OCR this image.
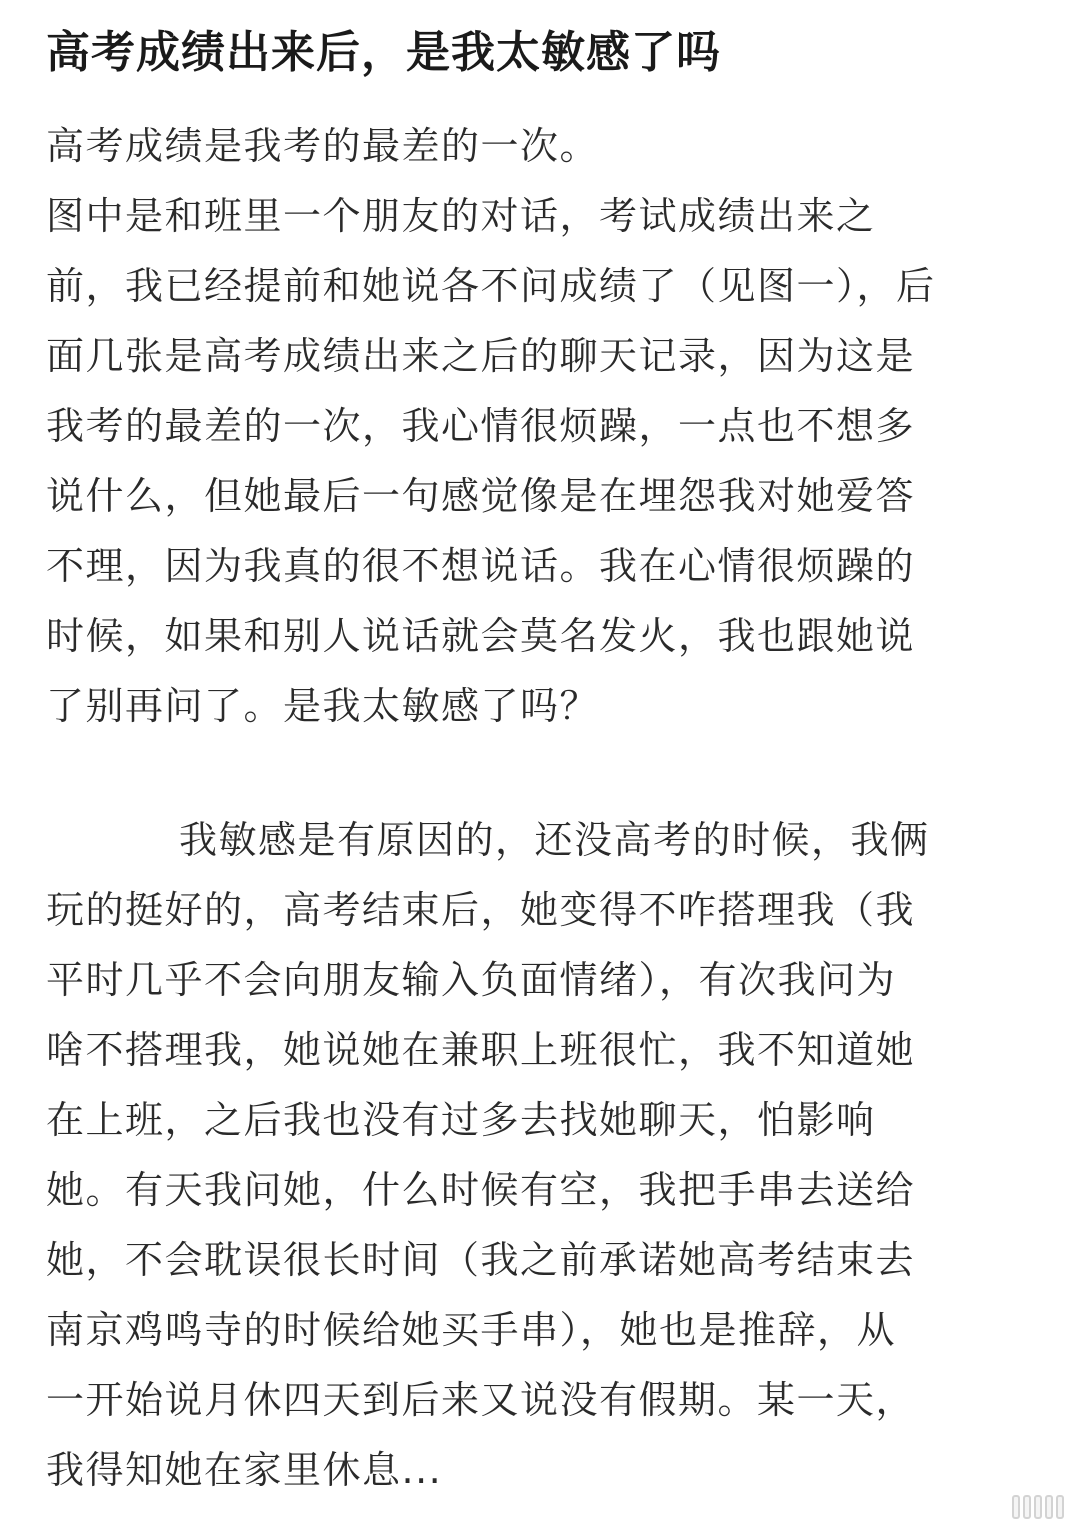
高考成绩出来后，是我太敏感了吗
高考成绩是我考的最差的一次。
图中是和班里一个朋友的对话，考试成绩出来之
前，我已经提前和她说各不问成绩了（见图一），后
面几张是高考成绩出来之后的聊天记录，因为这是
我考的最差的一次，我心情很烦躁，一点也不想多
说什么，但她最后一句感觉像是在埋怨我对她爱答
不理，因为我真的很不想说话。我在心情很烦躁的
时候，如果和别人说话就会莫名发火，我也跟她说
了别再问了。是我太敏感了吗？
我敏感是有原因的，还没高考的时候，我俩
玩的挺好的，高考结束后，她变得不咋搭理我（我
平时几乎不会向朋友输入负面情绪），有次我问为
啥不搭理我，她说她在兼职上班很忙，我不知道她
在上班，之后我也没有过多去找她聊天，怕影响
她。有天我问她，什么时候有空，我把手串去送给
她，不会耽误很长时间（我之前承诺她高考结束去
南京鸡鸣寺的时候给她买手串），她也是推辞，从
一开始说月休四天到后来又说没有假期。某一天，
我得知她在家里休息...
